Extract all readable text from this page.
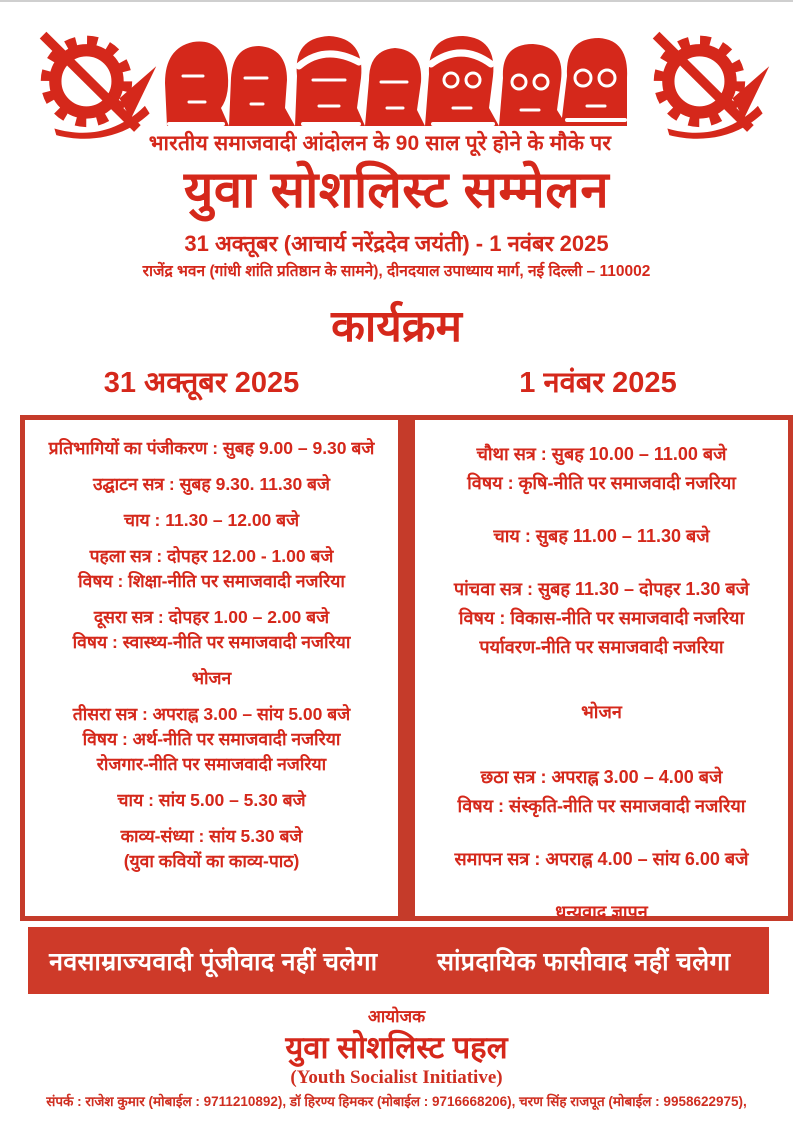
भारतीय समाजवादी आंदोलन के 90 साल पूरे होने के मौके पर
युवा सोशलिस्ट सम्मेलन
31 अक्तूबर (आचार्य नरेंद्रदेव जयंती) - 1 नवंबर 2025
राजेंद्र भवन (गांधी शांति प्रतिष्ठान के सामने), दीनदयाल उपाध्याय मार्ग, नई दिल्ली – 110002
कार्यक्रम
31 अक्तूबर 2025	1 नवंबर 2025
प्रतिभागियों का पंजीकरण : सुबह 9.00 – 9.30 बजे
उद्घाटन सत्र : सुबह 9.30. 11.30 बजे
चाय : 11.30 – 12.00 बजे
पहला सत्र : दोपहर 12.00 - 1.00 बजे
विषय : शिक्षा-नीति पर समाजवादी नजरिया
दूसरा सत्र : दोपहर 1.00 – 2.00 बजे
विषय : स्वास्थ्य-नीति पर समाजवादी नजरिया
भोजन
तीसरा सत्र : अपराह्न 3.00 – सांय 5.00 बजे
विषय : अर्थ-नीति पर समाजवादी नजरिया
रोजगार-नीति पर समाजवादी नजरिया
चाय : सांय 5.00 – 5.30 बजे
काव्य-संध्या : सांय 5.30 बजे
(युवा कवियों का काव्य-पाठ)
चौथा सत्र : सुबह 10.00 – 11.00 बजे
विषय : कृषि-नीति पर समाजवादी नजरिया
चाय : सुबह 11.00 – 11.30 बजे
पांचवा सत्र : सुबह 11.30 – दोपहर 1.30 बजे
विषय : विकास-नीति पर समाजवादी नजरिया
पर्यावरण-नीति पर समाजवादी नजरिया
भोजन
छठा सत्र : अपराह्न 3.00 – 4.00 बजे
विषय : संस्कृति-नीति पर समाजवादी नजरिया
समापन सत्र : अपराह्न 4.00 – सांय 6.00 बजे
धन्यवाद ज्ञापन
नवसाम्राज्यवादी पूंजीवाद नहीं चलेगा	सांप्रदायिक फासीवाद नहीं चलेगा
आयोजक
युवा सोशलिस्ट पहल
(Youth Socialist Initiative)
संपर्क : राजेश कुमार (मोबाईल : 9711210892), डॉ हिरण्य हिमकर (मोबाईल : 9716668206), चरण सिंह राजपूत (मोबाईल : 9958622975),
